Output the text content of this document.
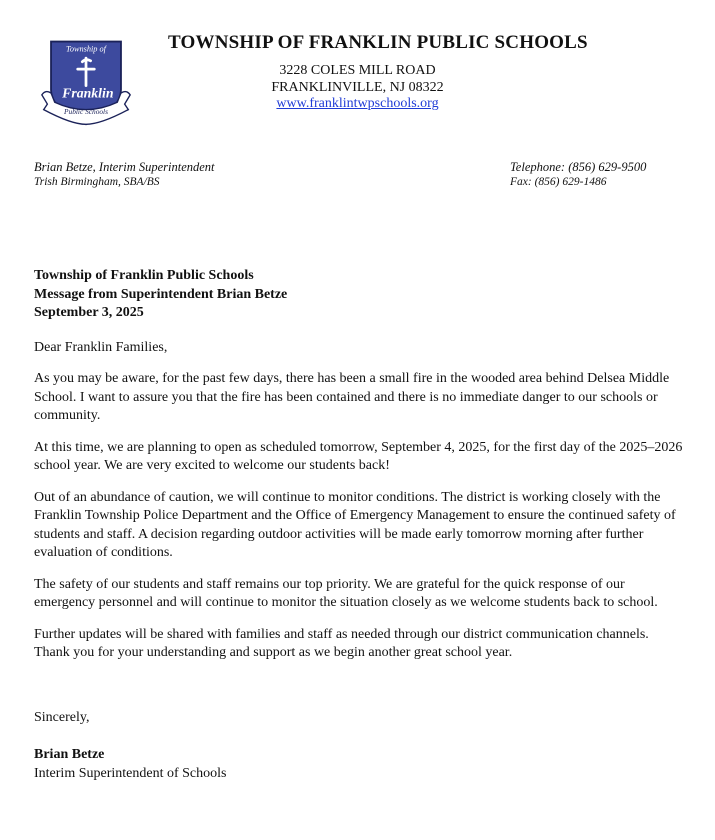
Township of
Franklin
Public Schools
TOWNSHIP OF FRANKLIN PUBLIC SCHOOLS
3228 COLES MILL ROAD
FRANKLINVILLE, NJ 08322
www.franklintwpschools.org
Brian Betze, Interim Superintendent
Trish Birmingham, SBA/BS
Telephone: (856) 629-9500
Fax: (856) 629-1486
Township of Franklin Public Schools
Message from Superintendent Brian Betze
September 3, 2025

Dear Franklin Families,

As you may be aware, for the past few days, there has been a small fire in the wooded area behind Delsea Middle School. I want to assure you that the fire has been contained and there is no immediate danger to our schools or community.

At this time, we are planning to open as scheduled tomorrow, September 4, 2025, for the first day of the 2025–2026 school year. We are very excited to welcome our students back!

Out of an abundance of caution, we will continue to monitor conditions. The district is working closely with the Franklin Township Police Department and the Office of Emergency Management to ensure the continued safety of students and staff. A decision regarding outdoor activities will be made early tomorrow morning after further evaluation of conditions.

The safety of our students and staff remains our top priority. We are grateful for the quick response of our emergency personnel and will continue to monitor the situation closely as we welcome students back to school.

Further updates will be shared with families and staff as needed through our district communication channels. Thank you for your understanding and support as we begin another great school year.

Sincerely,
Brian Betze
Interim Superintendent of Schools
